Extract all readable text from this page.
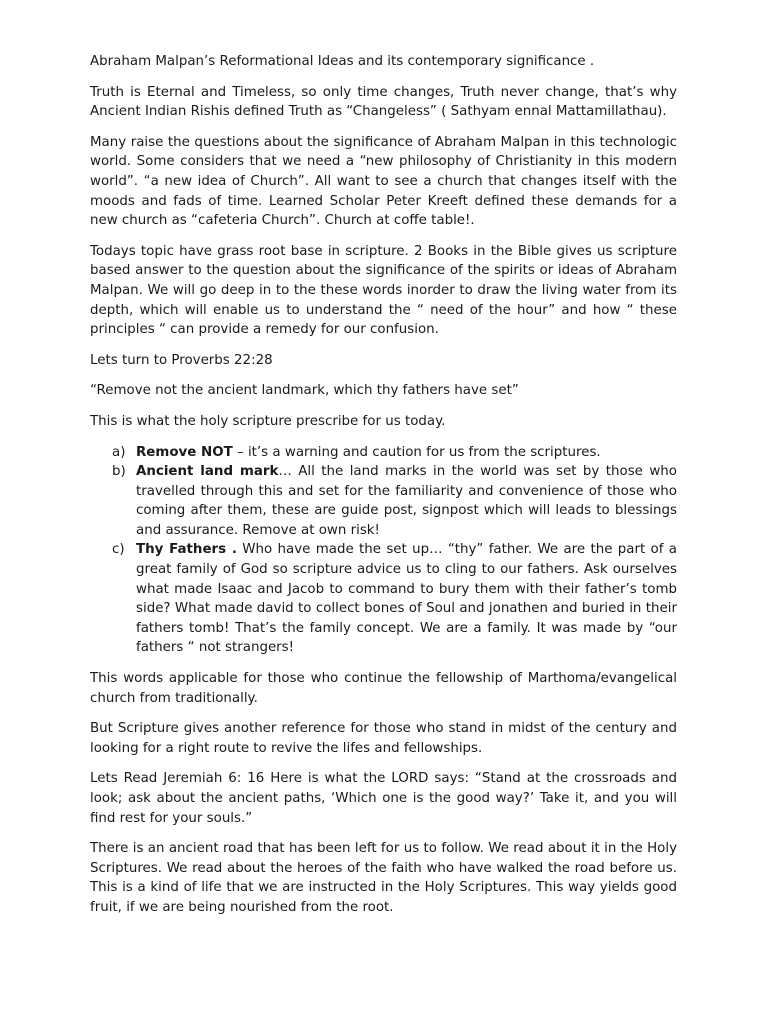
Abraham Malpan’s Reformational Ideas and its contemporary significance .

Truth is Eternal and Timeless, so only time changes, Truth never change, that’s why Ancient Indian Rishis defined Truth as “Changeless” ( Sathyam ennal Mattamillathau).

Many raise the questions about the significance of Abraham Malpan in this technologic world. Some considers that we need a “new philosophy of Christianity in this modern world”. “a new idea of Church”. All want to see a church that changes itself with the moods and fads of time. Learned Scholar Peter Kreeft defined these demands for a new church as “cafeteria Church”. Church at coffe table!.

Todays topic have grass root base in scripture. 2 Books in the Bible gives us scripture based answer to the question about the significance of the spirits or ideas of Abraham Malpan. We will go deep in to the these words inorder to draw the living water from its depth, which will enable us to understand the “ need of the hour” and how “ these principles “ can provide a remedy for our confusion.

Lets turn to Proverbs 22:28

“Remove not the ancient landmark, which thy fathers have set”

This is what the holy scripture prescribe for us today.

a) Remove NOT – it’s a warning and caution for us from the scriptures.
b) Ancient land mark… All the land marks in the world was set by those who travelled through this and set for the familiarity and convenience of those who coming after them, these are guide post, signpost which will leads to blessings and assurance. Remove at own risk!
c) Thy Fathers . Who have made the set up… “thy” father. We are the part of a great family of God so scripture advice us to cling to our fathers. Ask ourselves what made Isaac and Jacob to command to bury them with their father’s tomb side? What made david to collect bones of Soul and jonathen and buried in their fathers tomb! That’s the family concept. We are a family. It was made by “our fathers “ not strangers!

This words applicable for those who continue the fellowship of Marthoma/evangelical church from traditionally.

But Scripture gives another reference for those who stand in midst of the century and looking for a right route to revive the lifes and fellowships.

Lets Read Jeremiah 6: 16 Here is what the LORD says: “Stand at the crossroads and look; ask about the ancient paths, ‘Which one is the good way?’ Take it, and you will find rest for your souls.”

There is an ancient road that has been left for us to follow. We read about it in the Holy Scriptures. We read about the heroes of the faith who have walked the road before us. This is a kind of life that we are instructed in the Holy Scriptures. This way yields good fruit, if we are being nourished from the root.
